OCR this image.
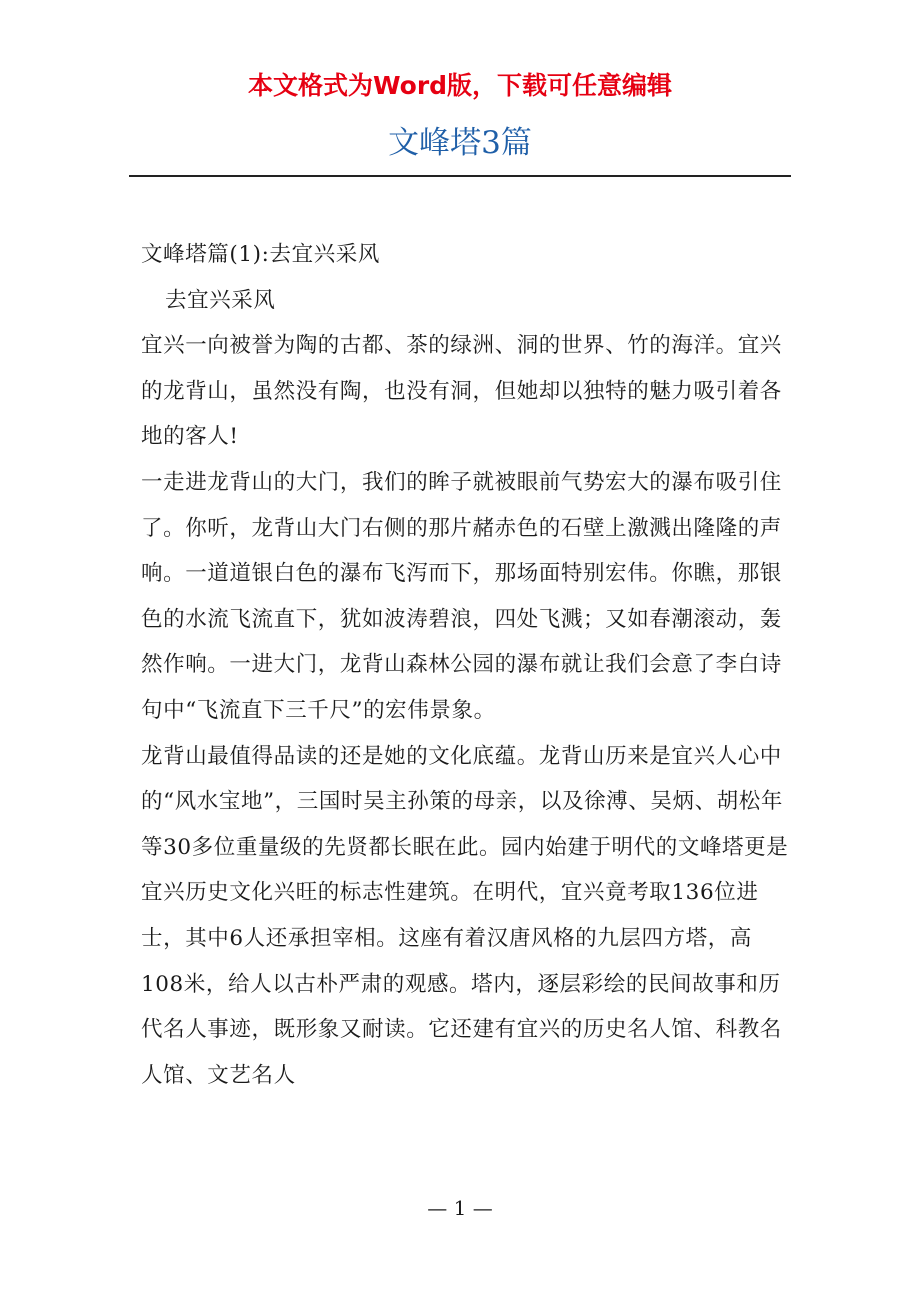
本文格式为Word版，下载可任意编辑
文峰塔3篇

文峰塔篇(1):去宜兴采风

去宜兴采风

宜兴一向被誉为陶的古都、茶的绿洲、洞的世界、竹的海洋。宜兴的龙背山，虽然没有陶，也没有洞，但她却以独特的魅力吸引着各地的客人!

一走进龙背山的大门，我们的眸子就被眼前气势宏大的瀑布吸引住了。你听，龙背山大门右侧的那片赭赤色的石壁上激溅出隆隆的声响。一道道银白色的瀑布飞泻而下，那场面特别宏伟。你瞧，那银色的水流飞流直下，犹如波涛碧浪，四处飞溅；又如春潮滚动，轰然作响。一进大门，龙背山森林公园的瀑布就让我们会意了李白诗句中“飞流直下三千尺”的宏伟景象。

龙背山最值得品读的还是她的文化底蕴。龙背山历来是宜兴人心中的“风水宝地”，三国时吴主孙策的母亲，以及徐溥、吴炳、胡松年等30多位重量级的先贤都长眠在此。园内始建于明代的文峰塔更是宜兴历史文化兴旺的标志性建筑。在明代，宜兴竟考取136位进士，其中6人还承担宰相。这座有着汉唐风格的九层四方塔，高108米，给人以古朴严肃的观感。塔内，逐层彩绘的民间故事和历代名人事迹，既形象又耐读。它还建有宜兴的历史名人馆、科教名人馆、文艺名人

— 1 —
